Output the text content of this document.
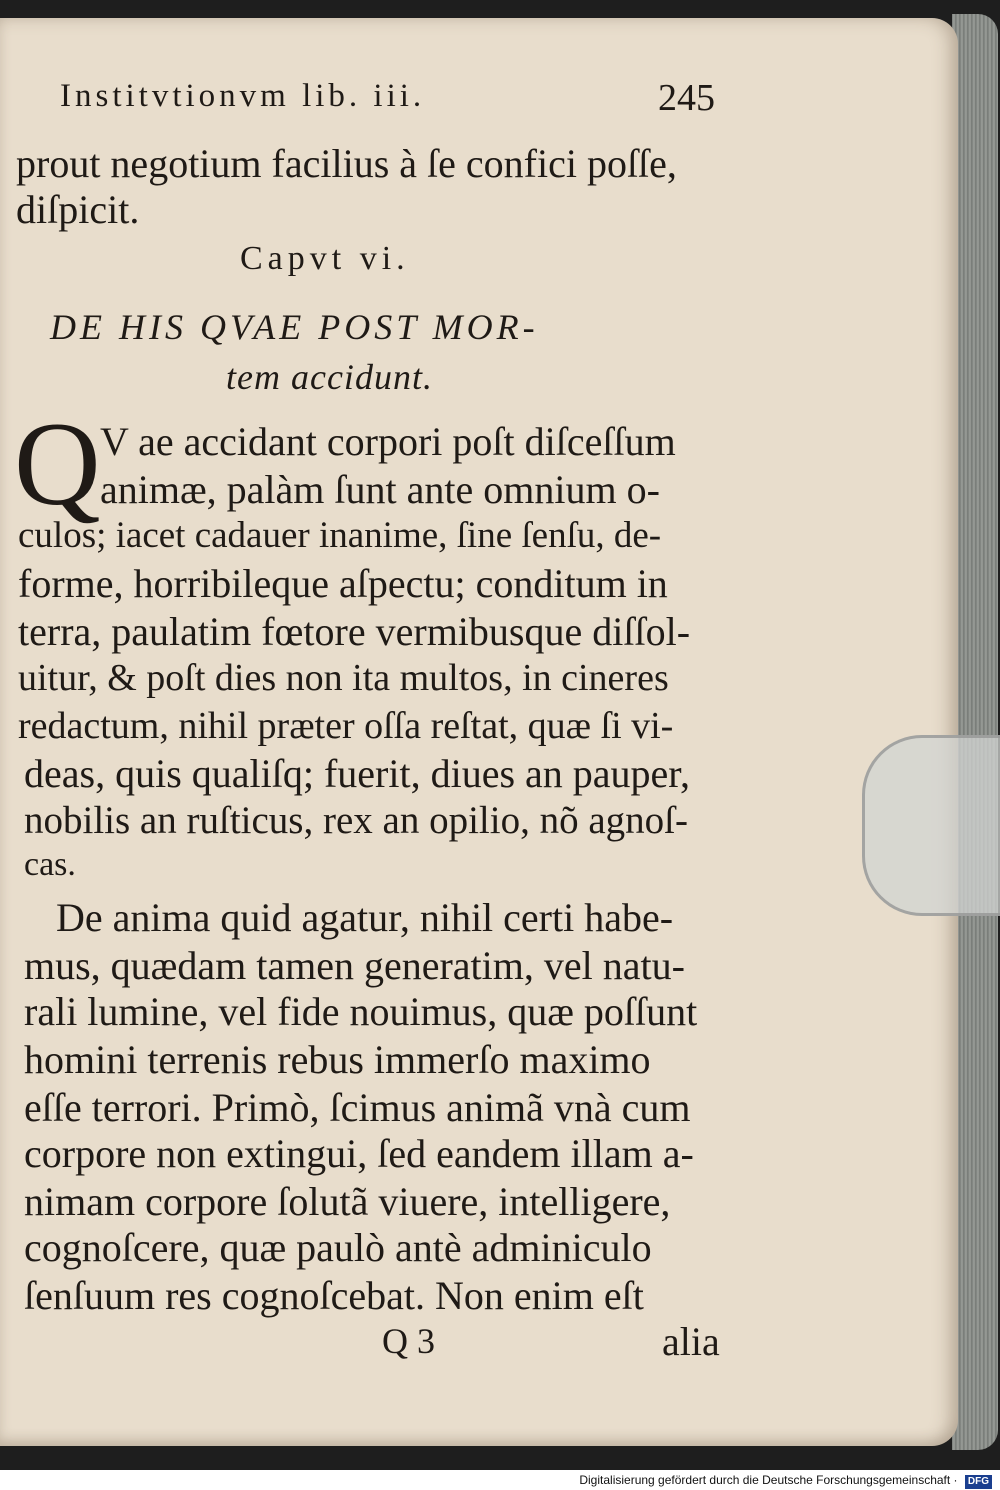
Institvtionvm lib. iii.	245
prout negotium facilius à ſe confici poſſe,
diſpicit.
Capvt vi.
DE HIS QVAE POST MOR-
tem accidunt.
Q V ae accidant corpori poſt diſceſſum
animæ, palàm ſunt ante omnium o-
culos; iacet cadauer inanime, ſine ſenſu, de-
forme, horribileque aſpectu; conditum in
terra, paulatim fœtore vermibusque diſſol-
uitur, & poſt dies non ita multos, in cineres
redactum, nihil præter oſſa reſtat, quæ ſi vi-
deas, quis qualiſq; fuerit, diues an pauper,
nobilis an ruſticus, rex an opilio, nõ agnoſ-
cas.
De anima quid agatur, nihil certi habe-
mus, quædam tamen generatim, vel natu-
rali lumine, vel fide nouimus, quæ poſſunt
homini terrenis rebus immerſo maximo
eſſe terrori. Primò, ſcimus animã vnà cum
corpore non extingui, ſed eandem illam a-
nimam corpore ſolutã viuere, intelligere,
cognoſcere, quæ paulò antè adminiculo
ſenſuum res cognoſcebat. Non enim eſt
Q 3	alia
Digitalisierung gefördert durch die Deutsche Forschungsgemeinschaft · DFG
